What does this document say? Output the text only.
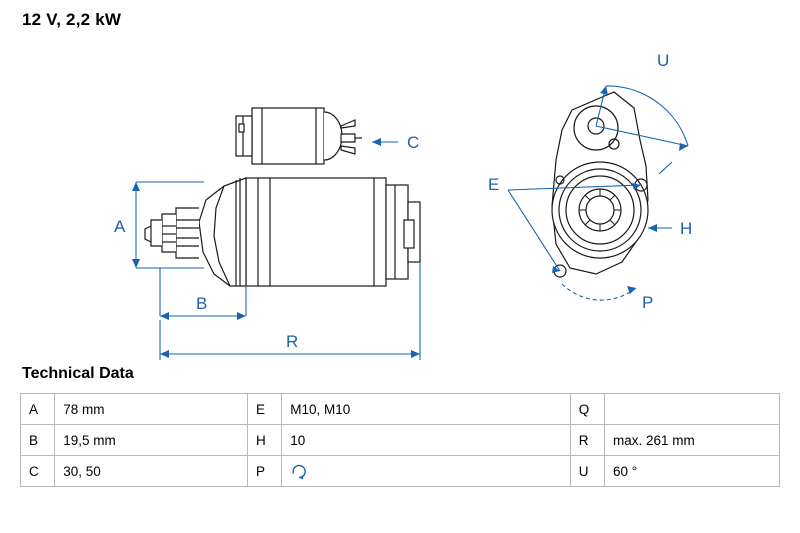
12 V, 2,2 kW
A
B
R
C
E
H
P
U
Technical Data
A	78 mm	E	M10, M10	Q	
B	19,5 mm	H	10	R	max. 261 mm
C	30, 50	P		U	60 °
